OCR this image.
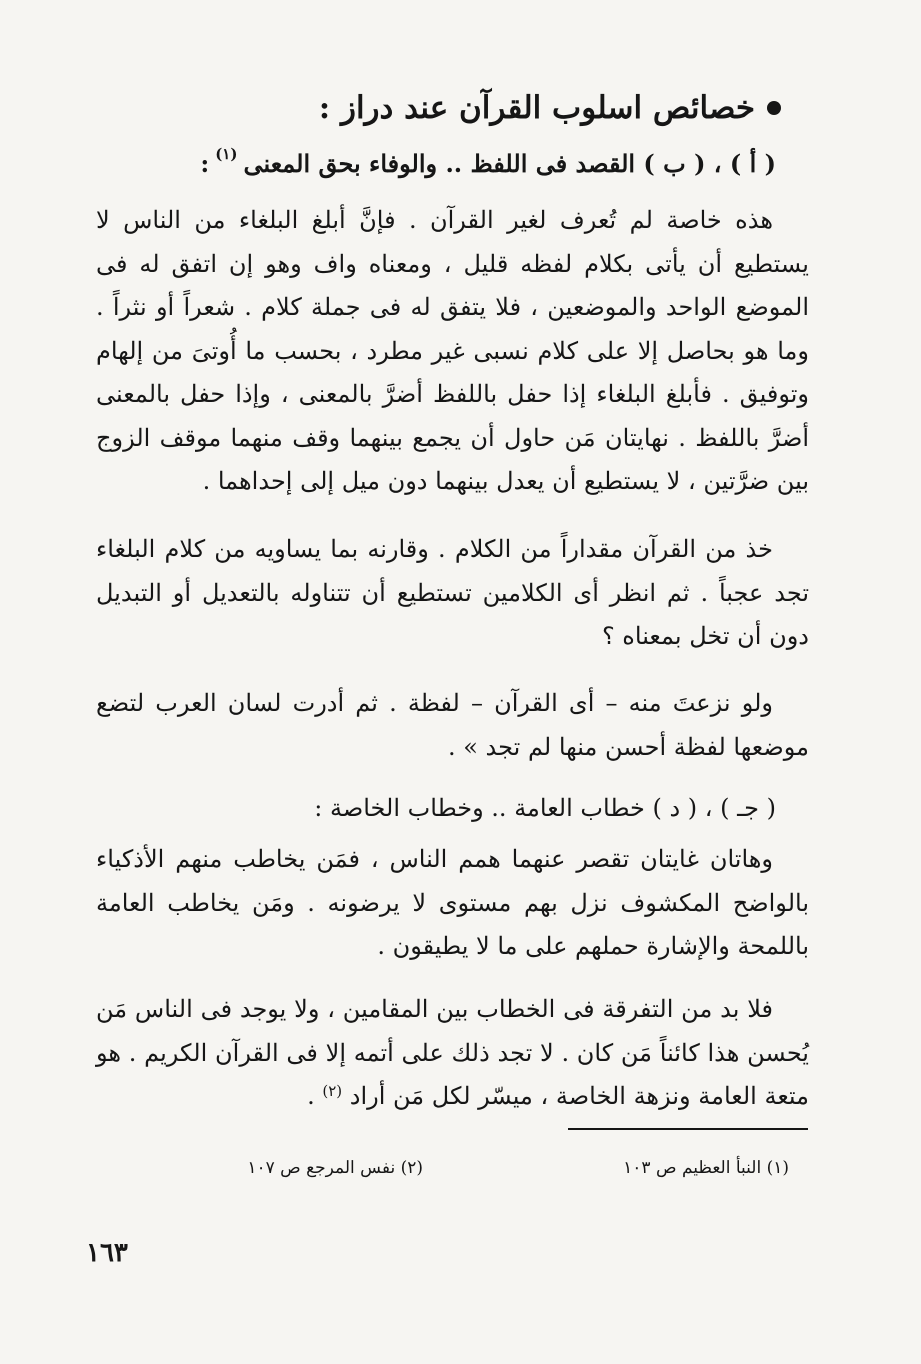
خصائص اسلوب القرآن عند دراز :
( أ ) ، ( ب ) القصد فى اللفظ .. والوفاء بحق المعنى
(١)
:
هذه خاصة لم تُعرف لغير القرآن . فإنَّ أبلغ البلغاء من الناس لا يستطيع أن يأتى بكلام لفظه قليل ، ومعناه واف وهو إن اتفق له فى الموضع الواحد والموضعين ، فلا يتفق له فى جملة كلام . شعراً أو نثراً . وما هو بحاصل إلا على كلام نسبى غير مطرد ، بحسب ما أُوتىَ من إلهام وتوفيق . فأبلغ البلغاء إذا حفل باللفظ أضرَّ بالمعنى ، وإذا حفل بالمعنى أضرَّ باللفظ . نهايتان مَن حاول أن يجمع بينهما وقف منهما موقف الزوج بين ضرَّتين ، لا يستطيع أن يعدل بينهما دون ميل إلى إحداهما .
خذ من القرآن مقداراً من الكلام . وقارنه بما يساويه من كلام البلغاء تجد عجباً . ثم انظر أى الكلامين تستطيع أن تتناوله بالتعديل أو التبديل دون أن تخل بمعناه ؟
ولو نزعتَ منه – أى القرآن – لفظة . ثم أدرت لسان العرب لتضع موضعها لفظة أحسن منها لم تجد » .
( جـ ) ، ( د ) خطاب العامة .. وخطاب الخاصة :
وهاتان غايتان تقصر عنهما همم الناس ، فمَن يخاطب منهم الأذكياء بالواضح المكشوف نزل بهم مستوى لا يرضونه . ومَن يخاطب العامة باللمحة والإشارة حملهم على ما لا يطيقون .
فلا بد من التفرقة فى الخطاب بين المقامين ، ولا يوجد فى الناس مَن يُحسن هذا كائناً مَن كان . لا تجد ذلك على أتمه إلا فى القرآن الكريم . هو متعة العامة ونزهة الخاصة ، ميسّر لكل مَن أراد $^{(٢)}$ .
(١) النبأ العظيم ص ١٠٣
(٢) نفس المرجع ص ١٠٧
١٦٣
